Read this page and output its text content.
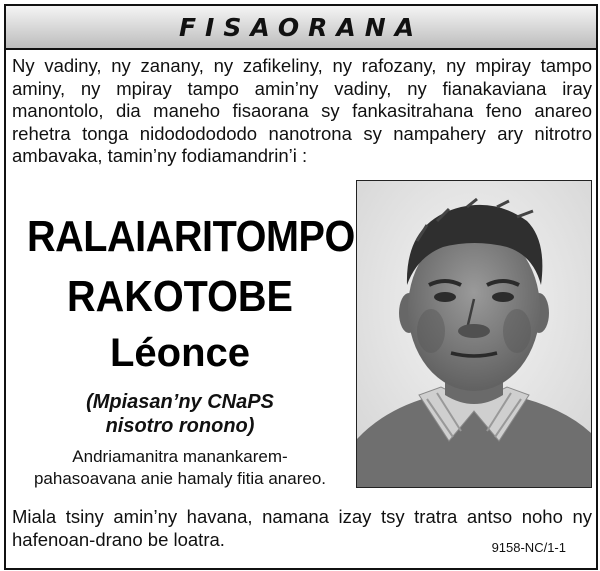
FISAORANA
Ny vadiny, ny zanany, ny zafikeliny, ny rafozany, ny mpiray tampo aminy, ny mpiray tampo amin’ny vadiny, ny fianakaviana iray manontolo, dia maneho fisaorana sy fankasitrahana feno anareo rehetra tonga nidododododo nanotrona sy nampahery ary nitrotro ambavaka, tamin’ny fodiamandrin’i :
RALAIARITOMPO
RAKOTOBE
Léonce
(Mpiasan’ny CNaPS
nisotro ronono)
Andriamanitra manankarem-
pahasoavana anie hamaly fitia anareo.
Miala tsiny amin’ny havana, namana izay tsy tratra antso noho ny hafenoan-drano be loatra.	9158-NC/1-1
